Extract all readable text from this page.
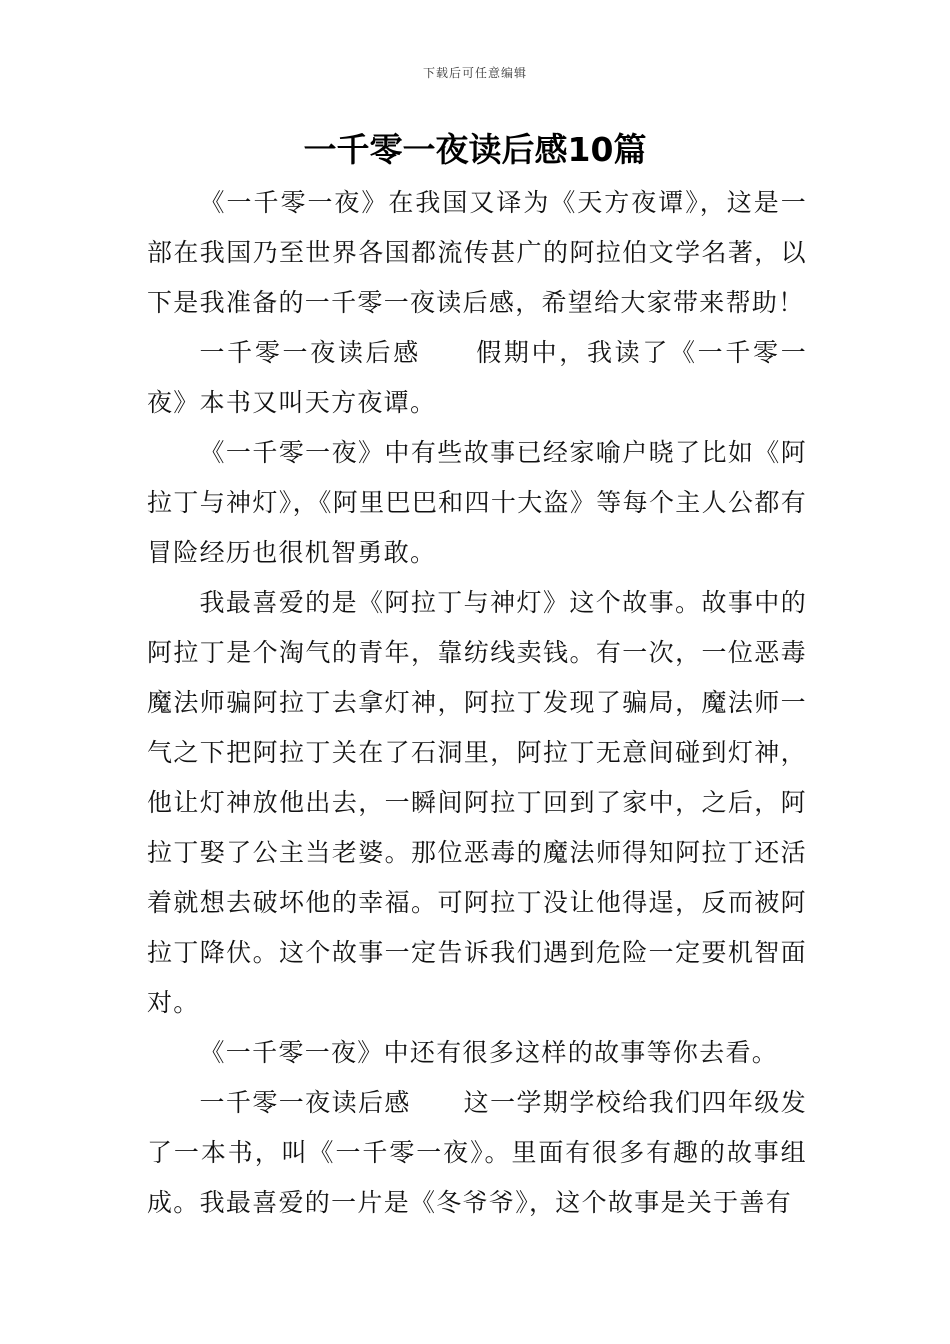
下载后可任意编辑
一千零一夜读后感10篇

《一千零一夜》在我国又译为《天方夜谭》，这是一部在我国乃至世界各国都流传甚广的阿拉伯文学名著，以下是我准备的一千零一夜读后感，希望给大家带来帮助！

一千零一夜读后感　　假期中，我读了《一千零一夜》本书又叫天方夜谭。

《一千零一夜》中有些故事已经家喻户晓了比如《阿拉丁与神灯》，《阿里巴巴和四十大盗》等每个主人公都有冒险经历也很机智勇敢。

我最喜爱的是《阿拉丁与神灯》这个故事。故事中的阿拉丁是个淘气的青年，靠纺线卖钱。有一次，一位恶毒魔法师骗阿拉丁去拿灯神，阿拉丁发现了骗局，魔法师一气之下把阿拉丁关在了石洞里，阿拉丁无意间碰到灯神，他让灯神放他出去，一瞬间阿拉丁回到了家中，之后，阿拉丁娶了公主当老婆。那位恶毒的魔法师得知阿拉丁还活着就想去破坏他的幸福。可阿拉丁没让他得逞，反而被阿拉丁降伏。这个故事一定告诉我们遇到危险一定要机智面对。

《一千零一夜》中还有很多这样的故事等你去看。

一千零一夜读后感　　这一学期学校给我们四年级发了一本书，叫《一千零一夜》。里面有很多有趣的故事组成。我最喜爱的一片是《冬爷爷》，这个故事是关于善有
